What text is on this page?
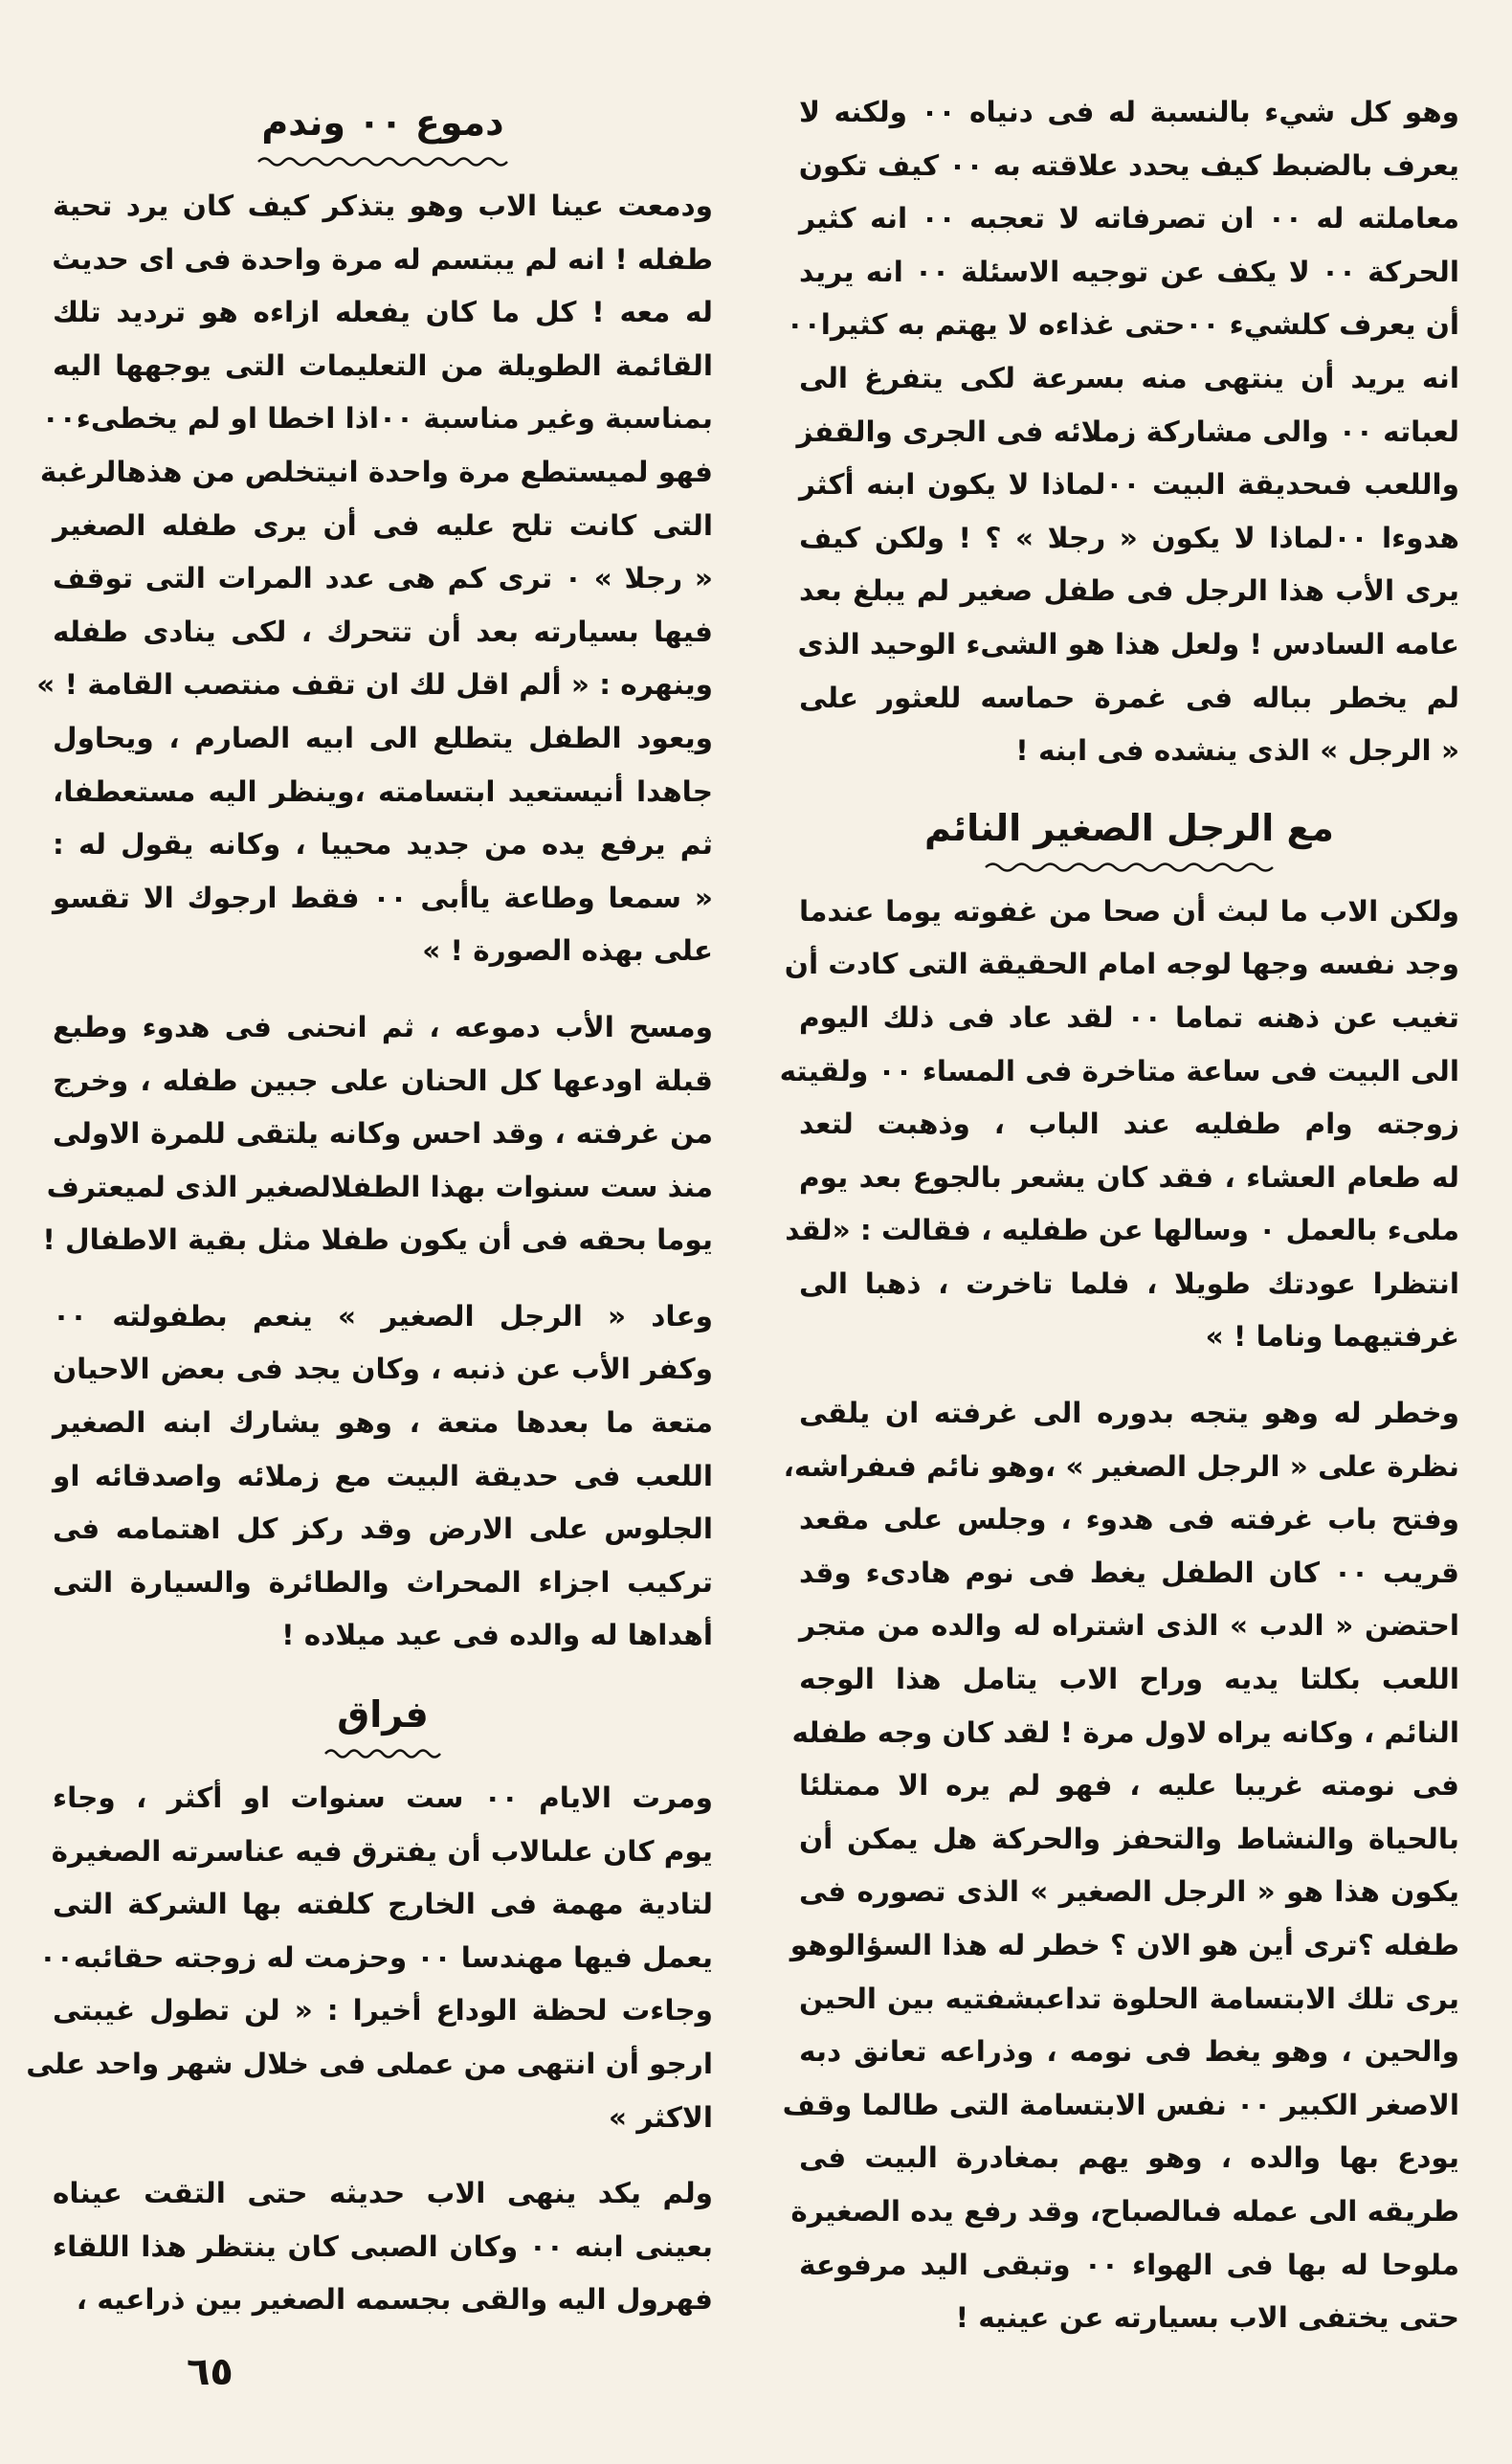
وهو كل شيء بالنسبة له فى دنياه ٠٠ ولكنه لا
يعرف بالضبط كيف يحدد علاقته به ٠٠ كيف تكون
معاملته له ٠٠ ان تصرفاته لا تعجبه ٠٠ انه كثير
الحركة ٠٠ لا يكف عن توجيه الاسئلة ٠٠ انه يريد
أن يعرف كلشيء ٠٠حتى غذاءه لا يهتم به كثيرا٠٠
انه يريد أن ينتهى منه بسرعة لكى يتفرغ الى
لعباته ٠٠ والى مشاركة زملائه فى الجرى والقفز
واللعب فىحديقة البيت ٠٠لماذا لا يكون ابنه أكثر
هدوءا ٠٠لماذا لا يكون « رجلا » ؟ ! ولكن كيف
يرى الأب هذا الرجل فى طفل صغير لم يبلغ بعد
عامه السادس ! ولعل هذا هو الشىء الوحيد الذى
لم يخطر بباله فى غمرة حماسه للعثور على
« الرجل » الذى ينشده فى ابنه !
مع الرجل الصغير النائم
ولكن الاب ما لبث أن صحا من غفوته يوما عندما
وجد نفسه وجها لوجه امام الحقيقة التى كادت أن
تغيب عن ذهنه تماما ٠٠ لقد عاد فى ذلك اليوم
الى البيت فى ساعة متاخرة فى المساء ٠٠ ولقيته
زوجته وام طفليه عند الباب ، وذهبت لتعد
له طعام العشاء ، فقد كان يشعر بالجوع بعد يوم
ملىء بالعمل ٠ وسالها عن طفليه ، فقالت : «لقد
انتظرا عودتك طويلا ، فلما تاخرت ، ذهبا الى
غرفتيهما وناما ! »
وخطر له وهو يتجه بدوره الى غرفته ان يلقى
نظرة على « الرجل الصغير » ،وهو نائم فىفراشه،
وفتح باب غرفته فى هدوء ، وجلس على مقعد
قريب ٠٠ كان الطفل يغط فى نوم هادىء وقد
احتضن « الدب » الذى اشتراه له والده من متجر
اللعب بكلتا يديه وراح الاب يتامل هذا الوجه
النائم ، وكانه يراه لاول مرة ! لقد كان وجه طفله
فى نومته غريبا عليه ، فهو لم يره الا ممتلئا
بالحياة والنشاط والتحفز والحركة هل يمكن أن
يكون هذا هو « الرجل الصغير » الذى تصوره فى
طفله ؟ترى أين هو الان ؟ خطر له هذا السؤالوهو
يرى تلك الابتسامة الحلوة تداعبشفتيه بين الحين
والحين ، وهو يغط فى نومه ، وذراعه تعانق دبه
الاصغر الكبير ٠٠ نفس الابتسامة التى طالما وقف
يودع بها والده ، وهو يهم بمغادرة البيت فى
طريقه الى عمله فىالصباح، وقد رفع يده الصغيرة
ملوحا له بها فى الهواء ٠٠ وتبقى اليد مرفوعة
حتى يختفى الاب بسيارته عن عينيه !
دموع ٠٠ وندم
ودمعت عينا الاب وهو يتذكر كيف كان يرد تحية
طفله ! انه لم يبتسم له مرة واحدة فى اى حديث
له معه ! كل ما كان يفعله ازاءه هو ترديد تلك
القائمة الطويلة من التعليمات التى يوجهها اليه
بمناسبة وغير مناسبة ٠٠اذا اخطا او لم يخطىء٠٠
فهو لميستطع مرة واحدة انيتخلص من هذهالرغبة
التى كانت تلح عليه فى أن يرى طفله الصغير
« رجلا » ٠ ترى كم هى عدد المرات التى توقف
فيها بسيارته بعد أن تتحرك ، لكى ينادى طفله
وينهره : « ألم اقل لك ان تقف منتصب القامة ! »
ويعود الطفل يتطلع الى ابيه الصارم ، ويحاول
جاهدا أنيستعيد ابتسامته ،وينظر اليه مستعطفا،
ثم يرفع يده من جديد محييا ، وكانه يقول له :
« سمعا وطاعة ياأبى ٠٠ فقط ارجوك الا تقسو
على بهذه الصورة ! »
ومسح الأب دموعه ، ثم انحنى فى هدوء وطبع
قبلة اودعها كل الحنان على جبين طفله ، وخرج
من غرفته ، وقد احس وكانه يلتقى للمرة الاولى
منذ ست سنوات بهذا الطفلالصغير الذى لميعترف
يوما بحقه فى أن يكون طفلا مثل بقية الاطفال !
وعاد « الرجل الصغير » ينعم بطفولته ٠٠
وكفر الأب عن ذنبه ، وكان يجد فى بعض الاحيان
متعة ما بعدها متعة ، وهو يشارك ابنه الصغير
اللعب فى حديقة البيت مع زملائه واصدقائه او
الجلوس على الارض وقد ركز كل اهتمامه فى
تركيب اجزاء المحراث والطائرة والسيارة التى
أهداها له والده فى عيد ميلاده !
فراق
ومرت الايام ٠٠ ست سنوات او أكثر ، وجاء
يوم كان علىالاب أن يفترق فيه عناسرته الصغيرة
لتادية مهمة فى الخارج كلفته بها الشركة التى
يعمل فيها مهندسا ٠٠ وحزمت له زوجته حقائبه٠٠
وجاءت لحظة الوداع أخيرا : « لن تطول غيبتى
ارجو أن انتهى من عملى فى خلال شهر واحد على
الاكثر »
ولم يكد ينهى الاب حديثه حتى التقت عيناه
بعينى ابنه ٠٠ وكان الصبى كان ينتظر هذا اللقاء
فهرول اليه والقى بجسمه الصغير بين ذراعيه ،
٦٥
